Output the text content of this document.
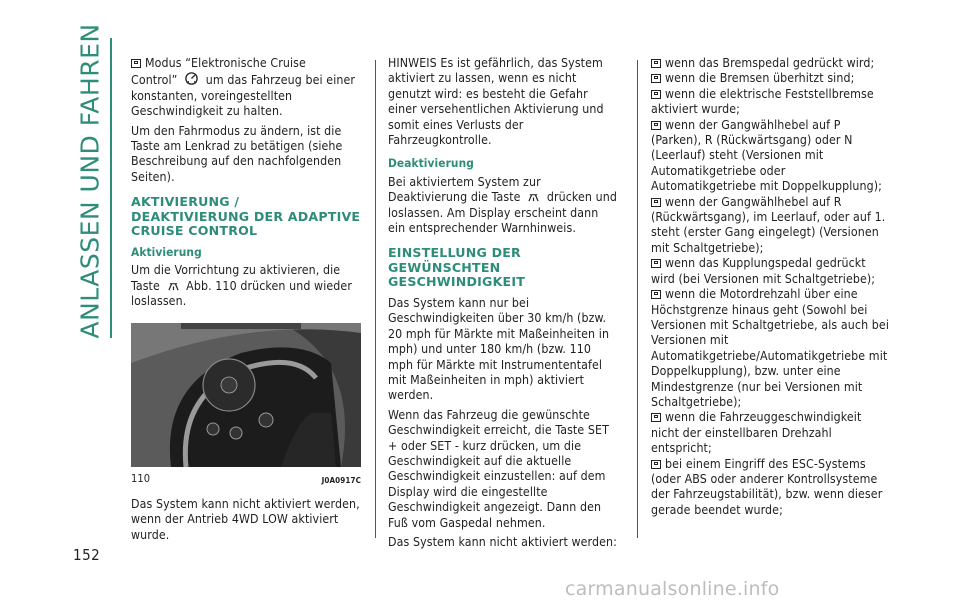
ANLASSEN UND FAHREN
152

Modus “Elektronische Cruise
Control” um das Fahrzeug bei einer konstanten, voreingestellten Geschwindigkeit zu halten.

Um den Fahrmodus zu ändern, ist die Taste am Lenkrad zu betätigen (siehe Beschreibung auf den nachfolgenden Seiten).

AKTIVIERUNG / DEAKTIVIERUNG DER ADAPTIVE CRUISE CONTROL
Aktivierung

Um die Vorrichtung zu aktivieren, die Taste Abb. 110 drücken und wieder loslassen.

110	J0A0917C

Das System kann nicht aktiviert werden, wenn der Antrieb 4WD LOW aktiviert wurde.

HINWEIS Es ist gefährlich, das System aktiviert zu lassen, wenn es nicht genutzt wird: es besteht die Gefahr einer versehentlichen Aktivierung und somit eines Verlusts der Fahrzeugkontrolle.

Deaktivierung

Bei aktiviertem System zur Deaktivierung die Taste drücken und loslassen. Am Display erscheint dann ein entsprechender Warnhinweis.

EINSTELLUNG DER GEWÜNSCHTEN GESCHWINDIGKEIT

Das System kann nur bei Geschwindigkeiten über 30 km/h (bzw. 20 mph für Märkte mit Maßeinheiten in mph) und unter 180 km/h (bzw. 110 mph für Märkte mit Instrumententafel mit Maßeinheiten in mph) aktiviert werden.

Wenn das Fahrzeug die gewünschte Geschwindigkeit erreicht, die Taste SET + oder SET - kurz drücken, um die Geschwindigkeit auf die aktuelle Geschwindigkeit einzustellen: auf dem Display wird die eingestellte Geschwindigkeit angezeigt. Dann den Fuß vom Gaspedal nehmen.

Das System kann nicht aktiviert werden:

wenn das Bremspedal gedrückt wird;
wenn die Bremsen überhitzt sind;
wenn die elektrische Feststellbremse aktiviert wurde;
wenn der Gangwählhebel auf P (Parken), R (Rückwärtsgang) oder N (Leerlauf) steht (Versionen mit Automatikgetriebe oder Automatikgetriebe mit Doppelkupplung);
wenn der Gangwählhebel auf R (Rückwärtsgang), im Leerlauf, oder auf 1. steht (erster Gang eingelegt) (Versionen mit Schaltgetriebe);
wenn das Kupplungspedal gedrückt wird (bei Versionen mit Schaltgetriebe);
wenn die Motordrehzahl über eine Höchstgrenze hinaus geht (Sowohl bei Versionen mit Schaltgetriebe, als auch bei Versionen mit Automatikgetriebe/Automatikgetriebe mit Doppelkupplung), bzw. unter eine Mindestgrenze (nur bei Versionen mit Schaltgetriebe);
wenn die Fahrzeuggeschwindigkeit nicht der einstellbaren Drehzahl entspricht;
bei einem Eingriff des ESC-Systems (oder ABS oder anderer Kontrollsysteme der Fahrzeugstabilität), bzw. wenn dieser gerade beendet wurde;
carmanualsonline.info
